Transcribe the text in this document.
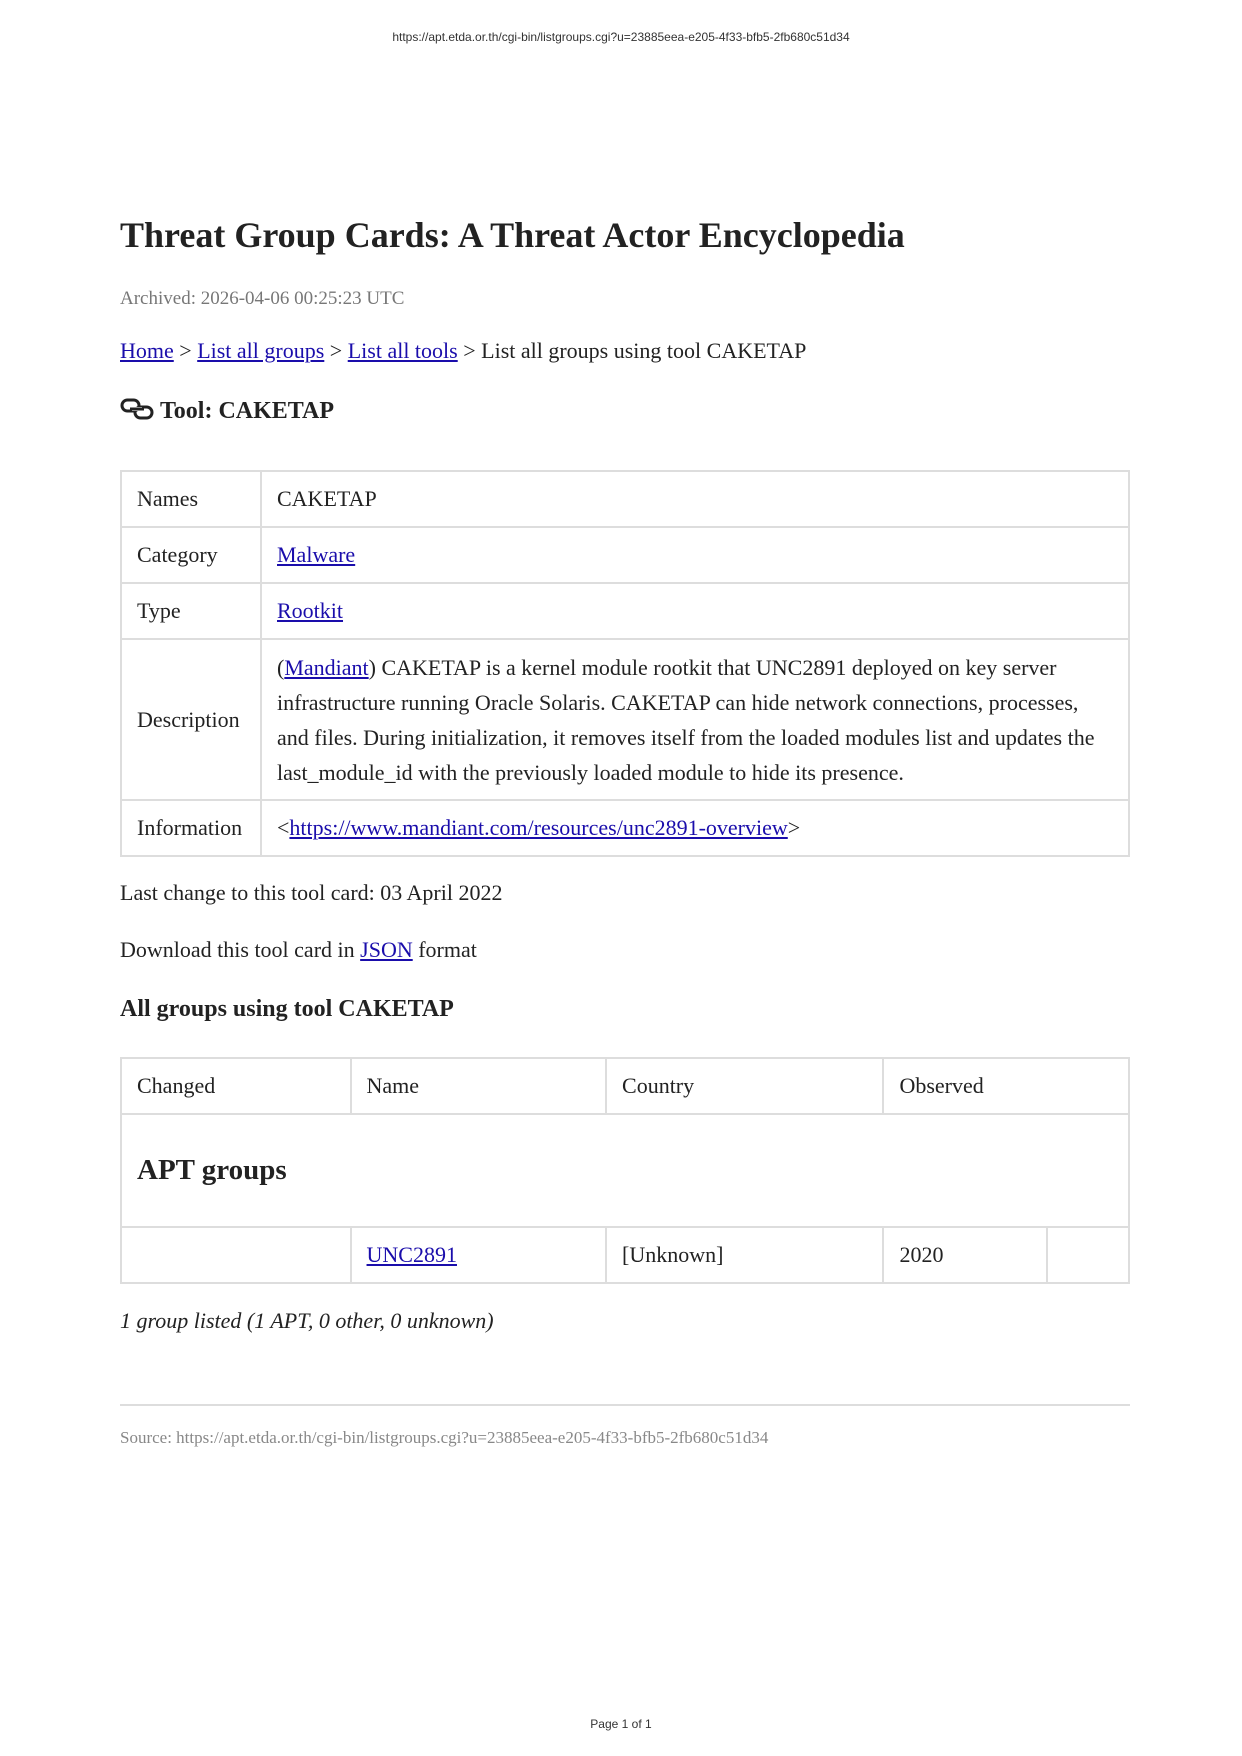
https://apt.etda.or.th/cgi-bin/listgroups.cgi?u=23885eea-e205-4f33-bfb5-2fb680c51d34
Threat Group Cards: A Threat Actor Encyclopedia
Archived: 2026-04-06 00:25:23 UTC
Home > List all groups > List all tools > List all groups using tool CAKETAP
Tool: CAKETAP
Names	CAKETAP
Category	Malware
Type	Rootkit
Description	(Mandiant) CAKETAP is a kernel module rootkit that UNC2891 deployed on key server infrastructure running Oracle Solaris. CAKETAP can hide network connections, processes, and files. During initialization, it removes itself from the loaded modules list and updates the last_module_id with the previously loaded module to hide its presence.
Information	<https://www.mandiant.com/resources/unc2891-overview>
Last change to this tool card: 03 April 2022
Download this tool card in JSON format
All groups using tool CAKETAP
Changed	Name	Country	Observed	
APT groups				
	UNC2891	[Unknown]	2020	
1 group listed (1 APT, 0 other, 0 unknown)
Source: https://apt.etda.or.th/cgi-bin/listgroups.cgi?u=23885eea-e205-4f33-bfb5-2fb680c51d34
Page 1 of 1
